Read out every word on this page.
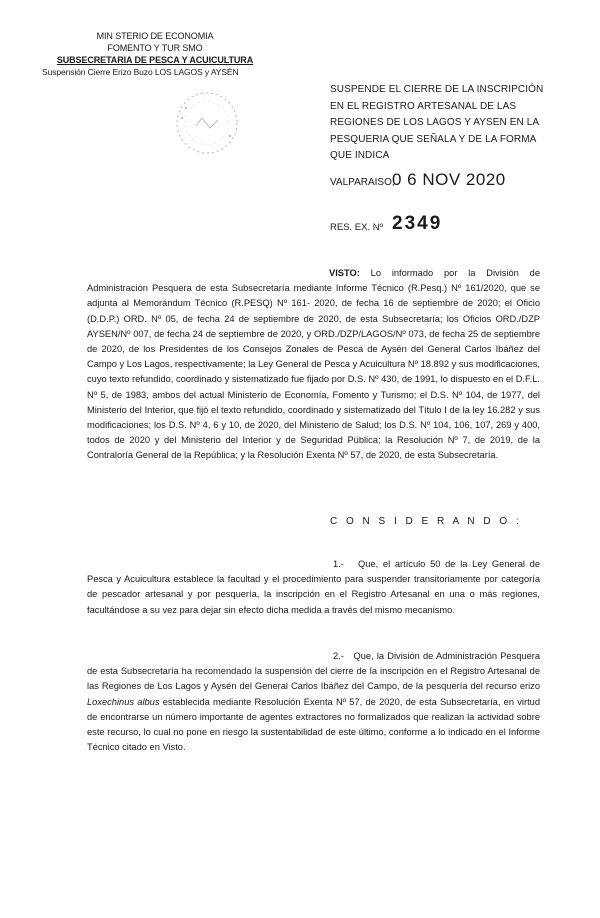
MIN STERIO DE ECONOMIA
FOMENTO Y TUR SMO
SUBSECRETARIA DE PESCA Y ACUICULTURA
Suspensión Cierre Erizo Buzo LOS LAGOS y AYSÉN
SUSPENDE EL CIERRE DE LA INSCRIPCIÓN EN EL REGISTRO ARTESANAL DE LAS REGIONES DE LOS LAGOS Y AYSEN EN LA PESQUERIA QUE SEÑALA Y DE LA FORMA QUE INDICA
VALPARAISO,
0 6 NOV 2020
RES. EX. Nº 2349
VISTO: Lo informado por la División de Administración Pesquera de esta Subsecretaría mediante Informe Técnico (R.Pesq.) Nº 161/2020, que se adjunta al Memorándum Técnico (R.PESQ) Nº 161- 2020, de fecha 16 de septiembre de 2020; el Oficio (D.D.P.) ORD. Nº 05, de fecha 24 de septiembre de 2020, de esta Subsecretaría; los Oficios ORD./DZP AYSEN/Nº 007, de fecha 24 de septiembre de 2020, y ORD./DZP/LAGOS/Nº 073, de fecha 25 de septiembre de 2020, de los Presidentes de los Consejos Zonales de Pesca de Aysén del General Carlos Ibáñez del Campo y Los Lagos, respectivamente; la Ley General de Pesca y Acuicultura Nº 18.892 y sus modificaciones, cuyo texto refundido, coordinado y sistematizado fue fijado por D.S. Nº 430, de 1991, lo dispuesto en el D.F.L. Nº 5, de 1983, ambos del actual Ministerio de Economía, Fomento y Turismo; el D.S. Nº 104, de 1977, del Ministerio del Interior, que fijó el texto refundido, coordinado y sistematizado del Título I de la ley 16.282 y sus modificaciones; los D.S. Nº 4, 6 y 10, de 2020, del Ministerio de Salud; los D.S. Nº 104, 106, 107, 269 y 400, todos de 2020 y del Ministerio del Interior y de Seguridad Pública; la Resolución Nº 7, de 2019, de la Contraloría General de la República; y la Resolución Exenta Nº 57, de 2020, de esta Subsecretaría.
C O N S I D E R A N D O :
1.- Que, el artículo 50 de la Ley General de Pesca y Acuicultura establece la facultad y el procedimiento para suspender transitoriamente por categoría de pescador artesanal y por pesquería, la inscripción en el Registro Artesanal en una o más regiones, facultándose a su vez para dejar sin efecto dicha medida a través del mismo mecanismo.
2.- Que, la División de Administración Pesquera de esta Subsecretaría ha recomendado la suspensión del cierre de la inscripción en el Registro Artesanal de las Regiones de Los Lagos y Aysén del General Carlos Ibáñez del Campo, de la pesquería del recurso erizo Loxechinus albus establecida mediante Resolución Exenta Nº 57, de 2020, de esta Subsecretaría, en virtud de encontrarse un número importante de agentes extractores no formalizados que realizan la actividad sobre este recurso, lo cual no pone en riesgo la sustentabilidad de este último, conforme a lo indicado en el Informe Técnico citado en Visto.
